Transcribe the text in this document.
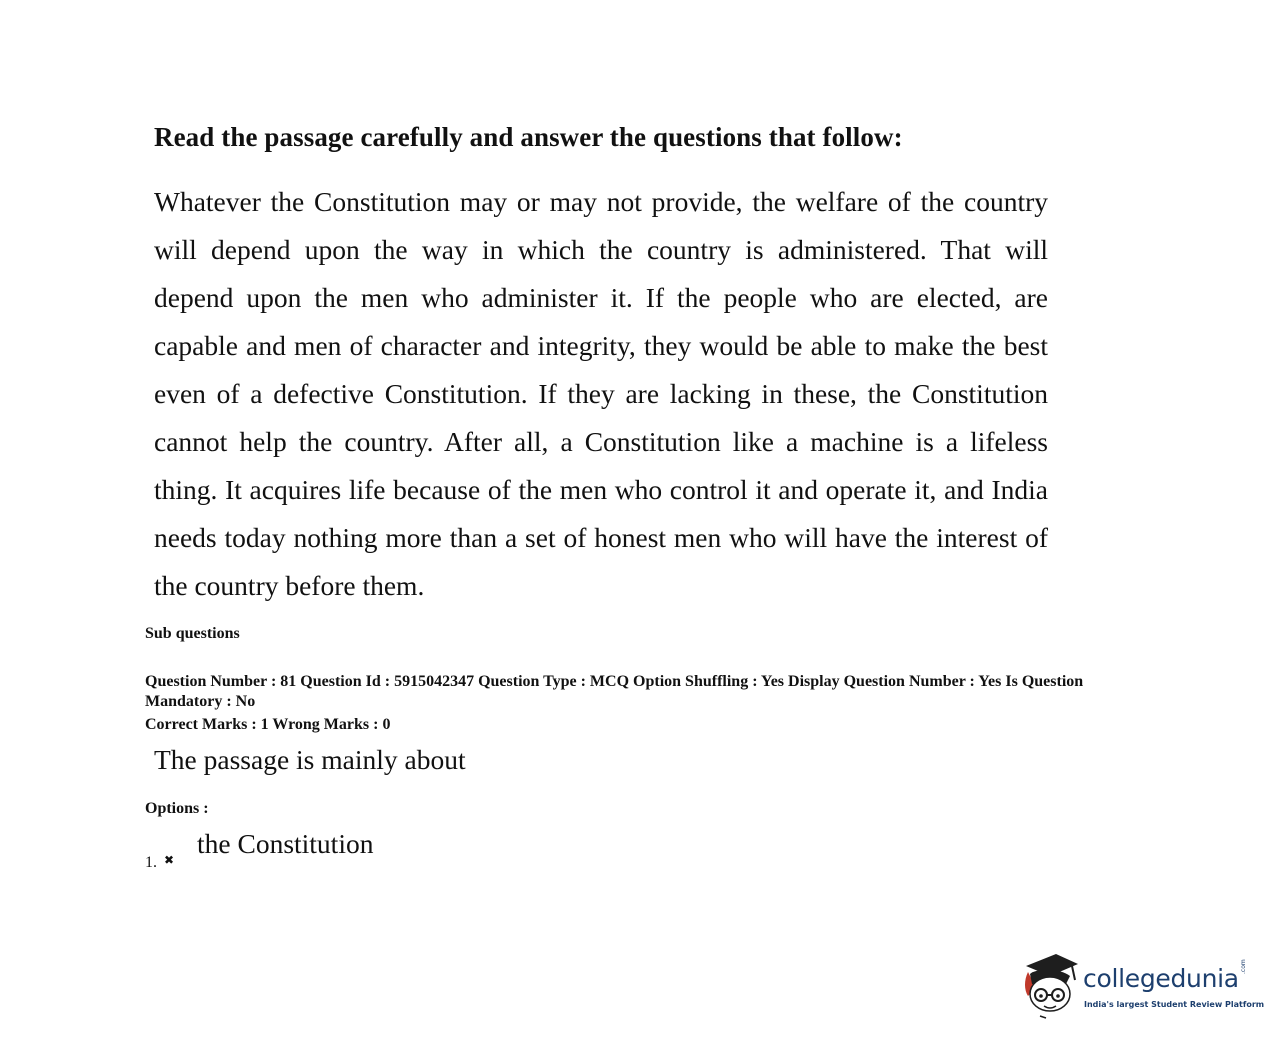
Read the passage carefully and answer the questions that follow:
Whatever the Constitution may or may not provide, the welfare of the country
will depend upon the way in which the country is administered. That will
depend upon the men who administer it. If the people who are elected, are
capable and men of character and integrity, they would be able to make the best
even of a defective Constitution. If they are lacking in these, the Constitution
cannot help the country. After all, a Constitution like a machine is a lifeless
thing. It acquires life because of the men who control it and operate it, and India
needs today nothing more than a set of honest men who will have the interest of
the country before them.
Sub questions
Question Number : 81 Question Id : 5915042347 Question Type : MCQ Option Shuffling : Yes Display Question Number : Yes Is Question Mandatory : No
Correct Marks : 1 Wrong Marks : 0
The passage is mainly about
Options :
1. ✖
the Constitution
collegedunia .com
India's largest Student Review Platform
